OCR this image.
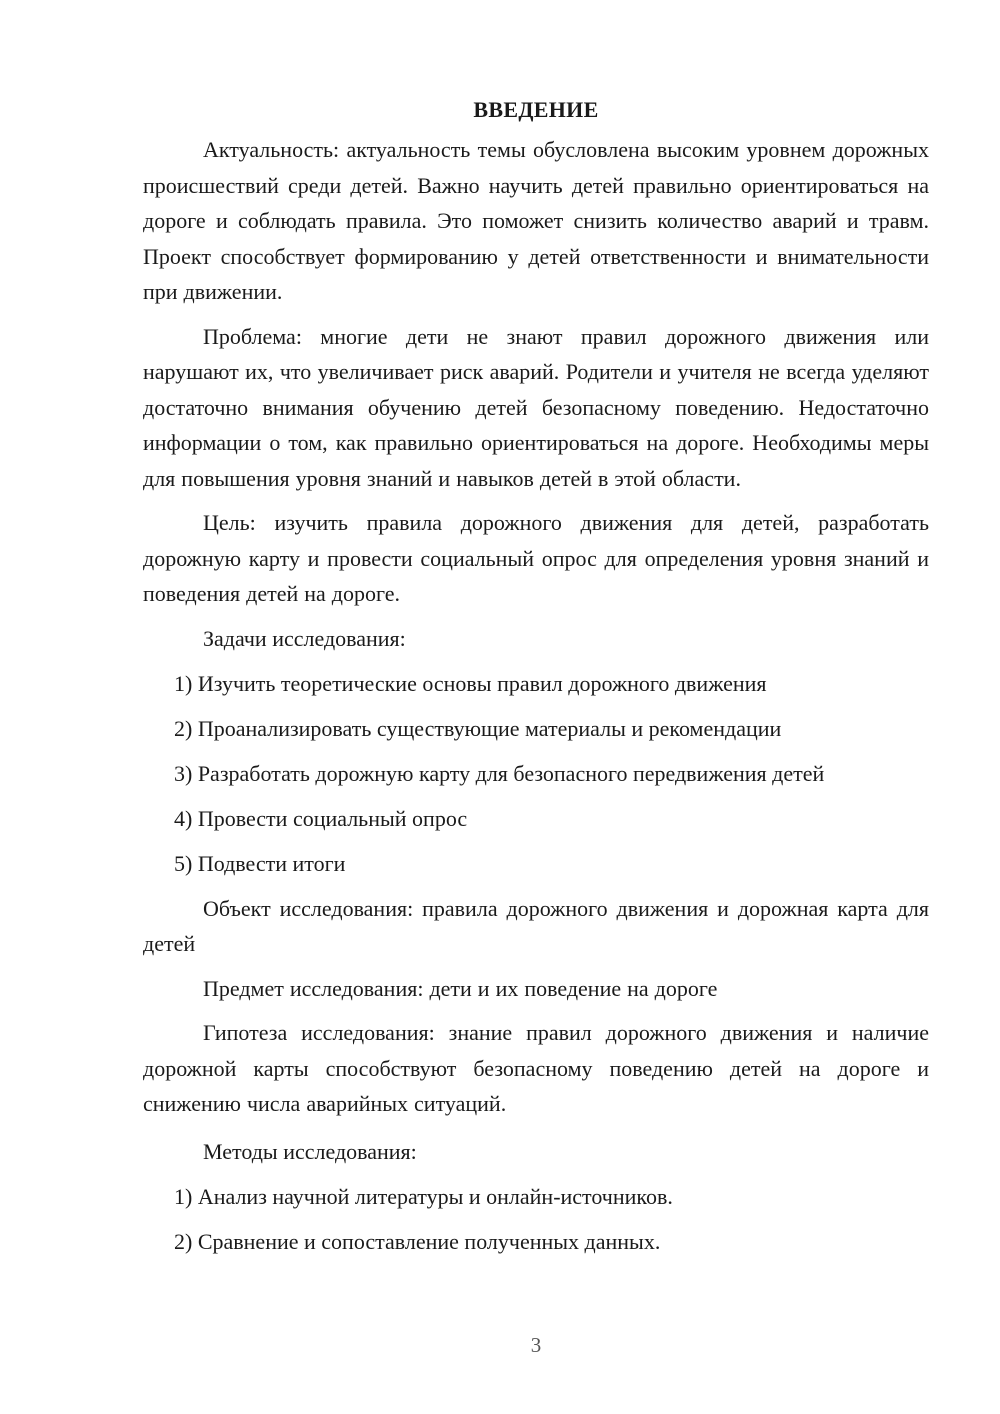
ВВЕДЕНИЕ

Актуальность: актуальность темы обусловлена высоким уровнем дорожных происшествий среди детей. Важно научить детей правильно ориентироваться на дороге и соблюдать правила. Это поможет снизить количество аварий и травм. Проект способствует формированию у детей ответственности и внимательности при движении.

Проблема: многие дети не знают правил дорожного движения или нарушают их, что увеличивает риск аварий. Родители и учителя не всегда уделяют достаточно внимания обучению детей безопасному поведению. Недостаточно информации о том, как правильно ориентироваться на дороге. Необходимы меры для повышения уровня знаний и навыков детей в этой области.

Цель: изучить правила дорожного движения для детей, разработать дорожную карту и провести социальный опрос для определения уровня знаний и поведения детей на дороге.

Задачи исследования:

1) Изучить теоретические основы правил дорожного движения
2) Проанализировать существующие материалы и рекомендации
3) Разработать дорожную карту для безопасного передвижения детей
4) Провести социальный опрос
5) Подвести итоги

Объект исследования: правила дорожного движения и дорожная карта для детей

Предмет исследования: дети и их поведение на дороге

Гипотеза исследования: знание правил дорожного движения и наличие дорожной карты способствуют безопасному поведению детей на дороге и снижению числа аварийных ситуаций.

Методы исследования:

1) Анализ научной литературы и онлайн-источников.
2) Сравнение и сопоставление полученных данных.
3
